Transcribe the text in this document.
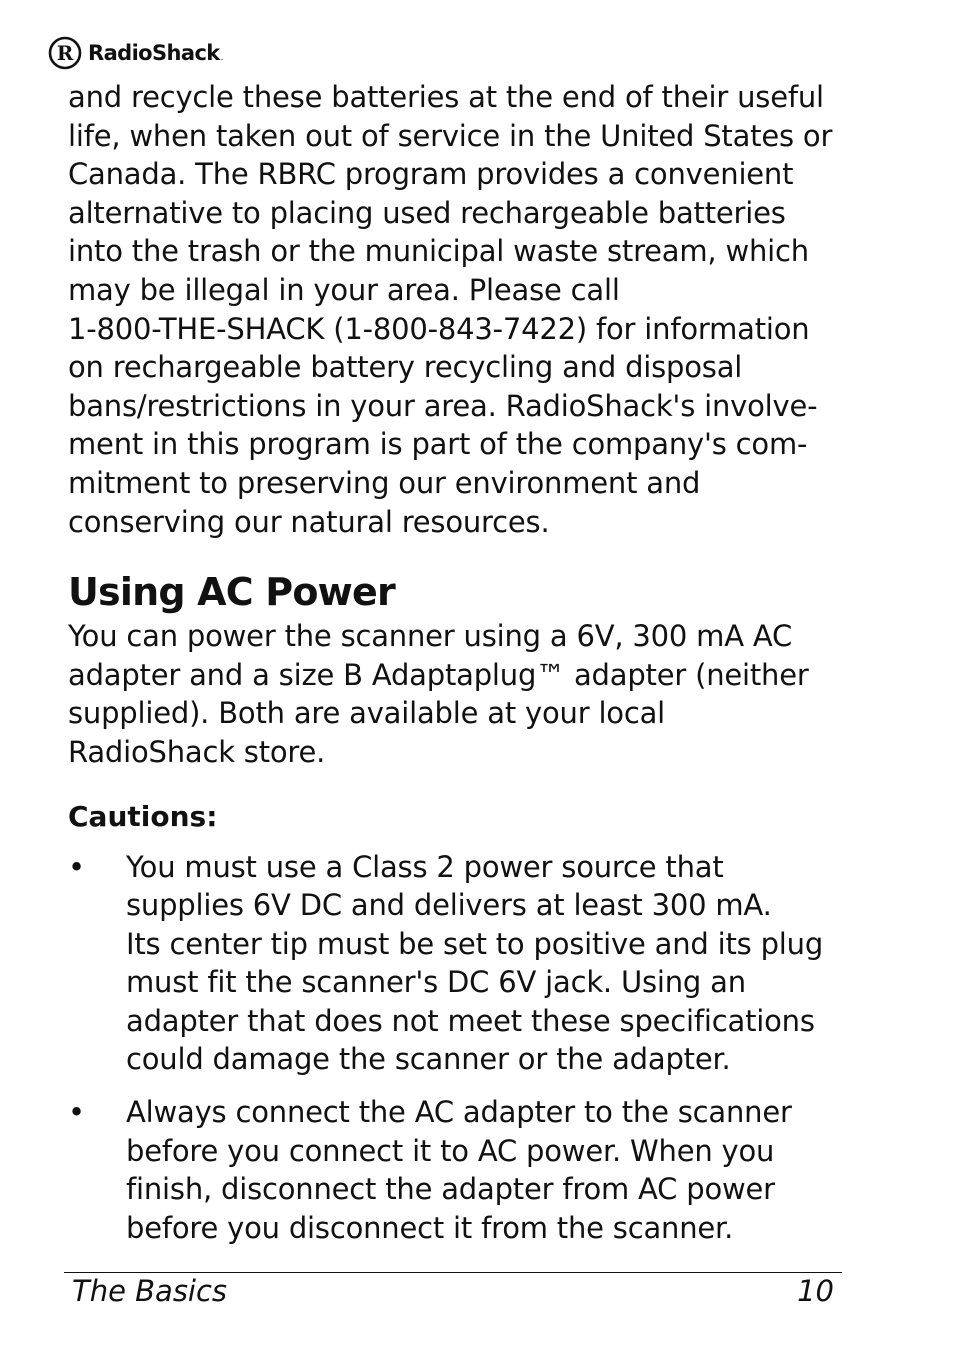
R RadioShack.

and recycle these batteries at the end of their useful
life, when taken out of service in the United States or
Canada. The RBRC program provides a convenient
alternative to placing used rechargeable batteries
into the trash or the municipal waste stream, which
may be illegal in your area. Please call
1-800-THE-SHACK (1-800-843-7422) for information
on rechargeable battery recycling and disposal
bans/restrictions in your area. RadioShack's involve-
ment in this program is part of the company's com-
mitment to preserving our environment and
conserving our natural resources.

Using AC Power

You can power the scanner using a 6V, 300 mA AC
adapter and a size B Adaptaplug™ adapter (neither
supplied). Both are available at your local
RadioShack store.

Cautions:
• You must use a Class 2 power source that
supplies 6V DC and delivers at least 300 mA.
Its center tip must be set to positive and its plug
must fit the scanner's DC 6V jack. Using an
adapter that does not meet these specifications
could damage the scanner or the adapter.

• Always connect the AC adapter to the scanner
before you connect it to AC power. When you
finish, disconnect the adapter from AC power
before you disconnect it from the scanner.

The Basics	10
